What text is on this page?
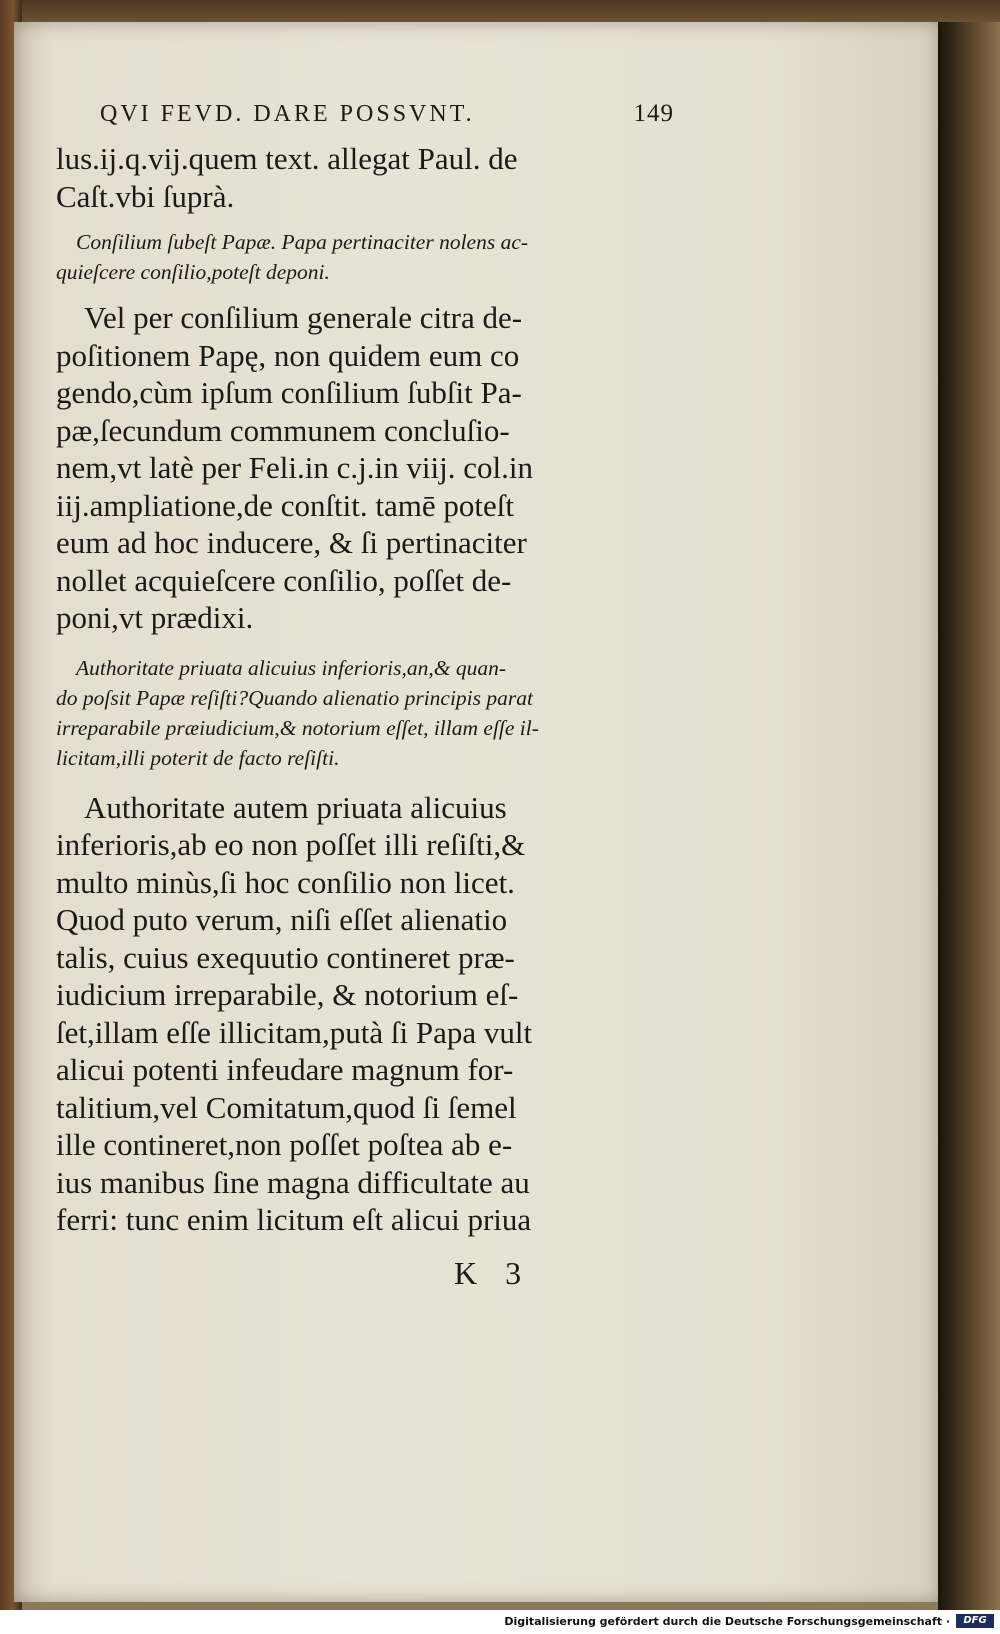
QVI FEVD. DARE POSSVNT.	149
lus.ij.q.vij.quem text. allegat Paul. de
Caſt.vbi ſuprà.
Conſilium ſubeſt Papæ. Papa pertinaciter nolens ac-
quieſcere conſilio,poteſt deponi.
Vel per conſilium generale citra de-
poſitionem Papę, non quidem eum co
gendo,cùm ipſum conſilium ſubſit Pa-
pæ,ſecundum communem concluſio-
nem,vt latè per Feli.in c.j.in viij. col.in
iij.ampliatione,de conſtit. tamē poteſt
eum ad hoc inducere, & ſi pertinaciter
nollet acquieſcere conſilio, poſſet de-
poni,vt prædixi.
Authoritate priuata alicuius inferioris,an,& quan-
do poſsit Papæ reſiſti?Quando alienatio principis parat
irreparabile præiudicium,& notorium eſſet, illam eſſe il-
licitam,illi poterit de facto reſiſti.
Authoritate autem priuata alicuius
inferioris,ab eo non poſſet illi reſiſti,&
multo minùs,ſi hoc conſilio non licet.
Quod puto verum, niſi eſſet alienatio
talis, cuius exequutio contineret præ-
iudicium irreparabile, & notorium eſ-
ſet,illam eſſe illicitam,putà ſi Papa vult
alicui potenti infeudare magnum for-
talitium,vel Comitatum,quod ſi ſemel
ille contineret,non poſſet poſtea ab e-
ius manibus ſine magna difficultate au
ferri: tunc enim licitum eſt alicui priua
K 3
Digitalisierung gefördert durch die Deutsche Forschungsgemeinschaft ·	DFG
